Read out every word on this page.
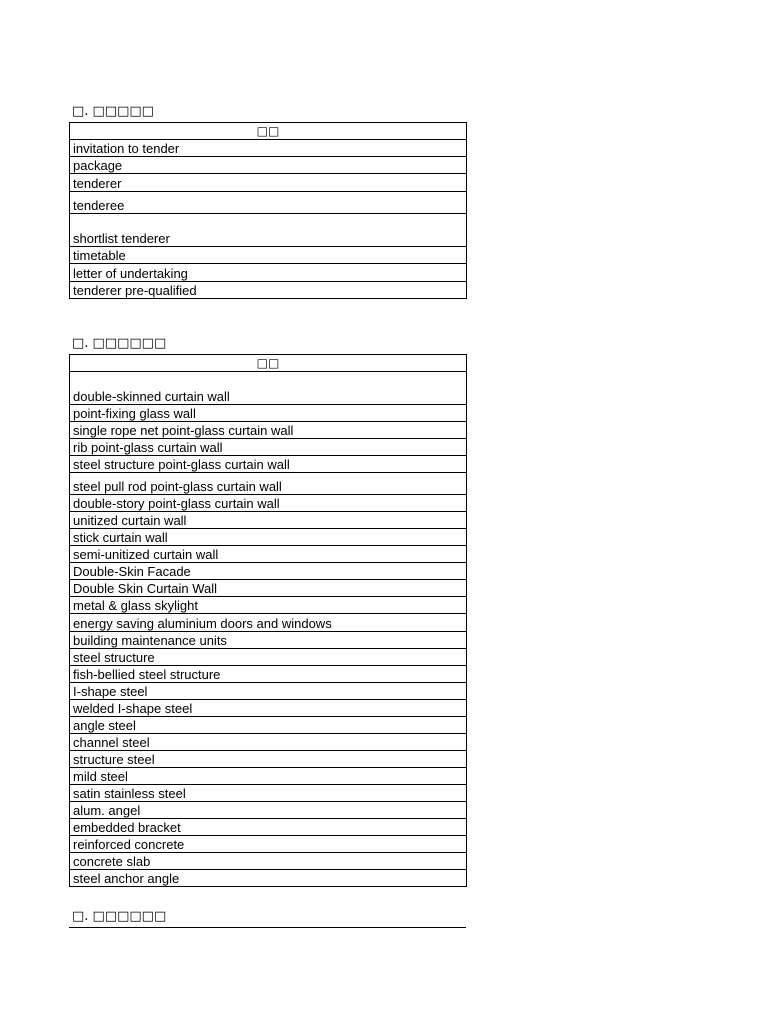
□. □□□□□
□□
invitation to tender
package
tenderer
tenderee
shortlist tenderer
timetable
letter of undertaking
tenderer pre-qualified
□. □□□□□□
□□
double-skinned curtain wall
point-fixing glass wall
single rope net point-glass curtain wall
rib point-glass curtain wall
steel structure point-glass curtain wall
steel pull rod point-glass curtain wall
double-story point-glass curtain wall
unitized curtain wall
stick curtain wall
semi-unitized curtain wall
Double-Skin Facade
Double Skin Curtain Wall
metal & glass skylight
energy saving aluminium doors and windows
building maintenance units
steel structure
fish-bellied steel structure
I-shape steel
welded I-shape steel
angle steel
channel steel
structure steel
mild steel
satin stainless steel
alum. angel
embedded bracket
reinforced concrete
concrete slab
steel anchor angle
□. □□□□□□
